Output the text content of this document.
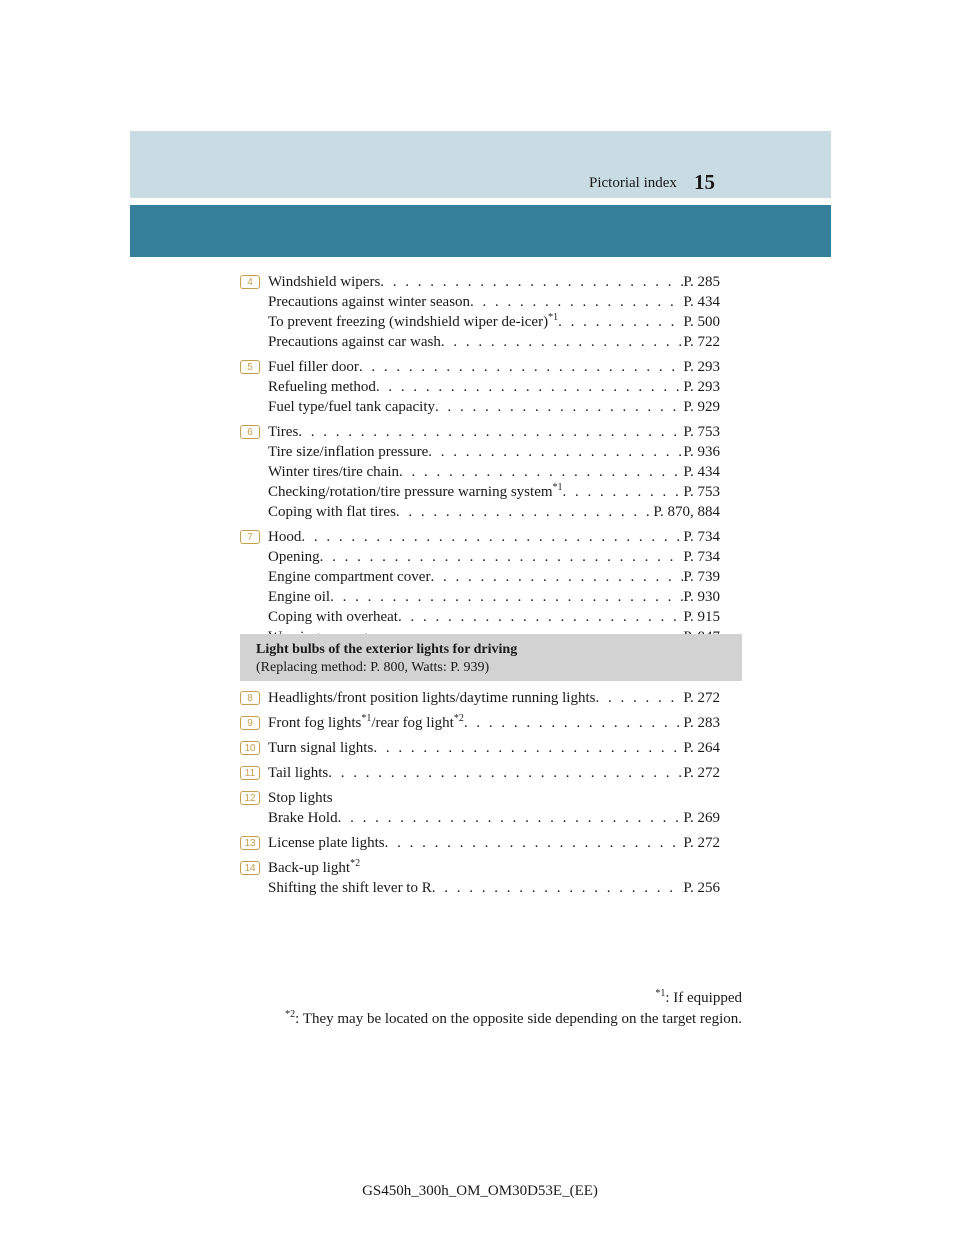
Pictorial index 15
4	Windshield wipers . . .	P. 285
Precautions against winter season . . .	P. 434
To prevent freezing (windshield wiper de-icer)$^{*1}$ . . .	P. 500
Precautions against car wash . . .	P. 722
5	Fuel filler door . . .	P. 293
Refueling method . . .	P. 293
Fuel type/fuel tank capacity . . .	P. 929
6	Tires . . .	P. 753
Tire size/inflation pressure . . .	P. 936
Winter tires/tire chain . . .	P. 434
Checking/rotation/tire pressure warning system$^{*1}$ . . .	P. 753
Coping with flat tires . . .	P. 870, 884
7	Hood . . .	P. 734
Opening . . .	P. 734
Engine compartment cover . . .	P. 739
Engine oil . . .	P. 930
Coping with overheat . . .	P. 915
. . .
Light bulbs of the exterior lights for driving
(Replacing method: P. 800, Watts: P. 939)
8	Headlights/front position lights/daytime running lights . . .	P. 272
9	Front fog lights$^{*1}$/rear fog light$^{*2}$ . . .	P. 283
10 Turn signal lights . . .	P. 264
11 Tail lights . . .	P. 272
12 Stop lights
Brake Hold . . .	P. 269
13 License plate lights . . .	P. 272
14 Back-up light$^{*2}$
Shifting the shift lever to R . . .	P. 256
$^{*1}$: If equipped
$^{*2}$: They may be located on the opposite side depending on the target region.
GS450h_300h_OM_OM30D53E_(EE)
